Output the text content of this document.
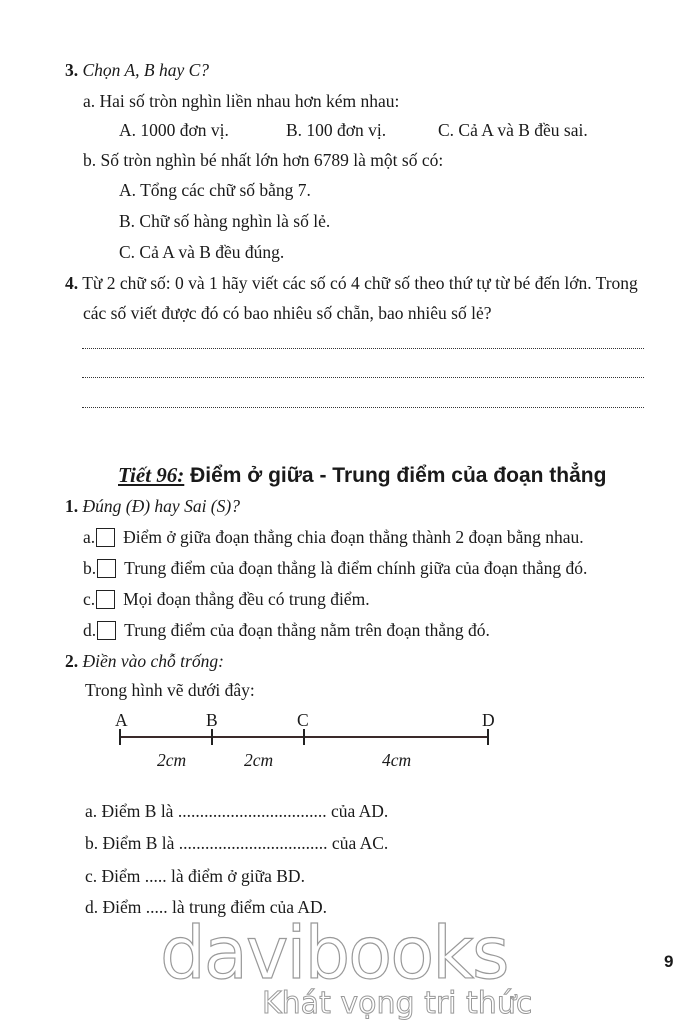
3. Chọn A, B hay C?
a. Hai số tròn nghìn liền nhau hơn kém nhau:
A. 1000 đơn vị.	B. 100 đơn vị.	C. Cả A và B đều sai.
b. Số tròn nghìn bé nhất lớn hơn 6789 là một số có:
A. Tổng các chữ số bằng 7.
B. Chữ số hàng nghìn là số lẻ.
C. Cả A và B đều đúng.
4. Từ 2 chữ số: 0 và 1 hãy viết các số có 4 chữ số theo thứ tự từ bé đến lớn. Trong
các số viết được đó có bao nhiêu số chẵn, bao nhiêu số lẻ?
Tiết 96: Điểm ở giữa - Trung điểm của đoạn thẳng
1. Đúng (Đ) hay Sai (S)?
a. Điểm ở giữa đoạn thẳng chia đoạn thẳng thành 2 đoạn bằng nhau.
b. Trung điểm của đoạn thẳng là điểm chính giữa của đoạn thẳng đó.
c. Mọi đoạn thẳng đều có trung điểm.
d. Trung điểm của đoạn thẳng nằm trên đoạn thẳng đó.
2. Điền vào chỗ trống:
Trong hình vẽ dưới đây:
A	B	C	D
2cm	2cm	4cm
a. Điểm B là .................................. của AD.
b. Điểm B là .................................. của AC.
c. Điểm ..... là điểm ở giữa BD.
d. Điểm ..... là trung điểm của AD.
davibooks
Khát vọng tri thức
9
